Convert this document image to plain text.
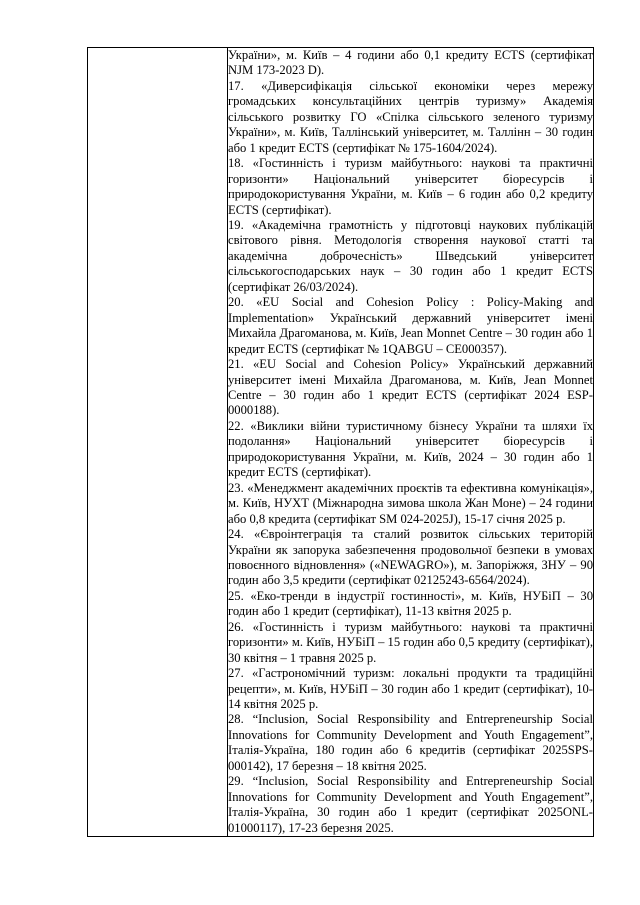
України», м. Київ – 4 години або 0,1 кредиту ECTS (сертифікат NJM 173-2023 D).

17. «Диверсифікація сільської економіки через мережу громадських консультаційних центрів туризму» Академія сільського розвитку ГО «Спілка сільського зеленого туризму України», м. Київ, Таллінський університет, м. Таллінн – 30 годин або 1 кредит ECTS (сертифікат № 175-1604/2024).

18. «Гостинність і туризм майбутнього: наукові та практичні горизонти» Національний університет біоресурсів і природокористування України, м. Київ – 6 годин або 0,2 кредиту ECTS (сертифікат).

19. «Академічна грамотність у підготовці наукових публікацій світового рівня. Методологія створення наукової статті та академічна доброчесність» Шведський університет сільськогосподарських наук – 30 годин або 1 кредит ECTS (сертифікат 26/03/2024).

20. «EU Social and Cohesion Policy : Policy-Making and Implementation» Український державний університет імені Михайла Драгоманова, м. Київ, Jean Monnet Centre – 30 годин або 1 кредит ECTS (сертифікат № 1QABGU – CE000357).

21. «EU Social and Cohesion Policy» Український державний університет імені Михайла Драгоманова, м. Київ, Jean Monnet Centre – 30 годин або 1 кредит ECTS (сертифікат 2024 ESP-0000188).

22. «Виклики війни туристичному бізнесу України та шляхи їх подолання» Національний університет біоресурсів і природокористування України, м. Київ, 2024 – 30 годин або 1 кредит ECTS (сертифікат).

23. «Менеджмент академічних проєктів та ефективна комунікація», м. Київ, НУХТ (Міжнародна зимова школа Жан Моне) – 24 години або 0,8 кредита (сертифікат SM 024-2025J), 15-17 січня 2025 р.

24. «Євроінтеграція та сталий розвиток сільських територій України як запорука забезпечення продовольчої безпеки в умовах повоєнного відновлення» («NEWAGRO»), м. Запоріжжя, ЗНУ – 90 годин або 3,5 кредити (сертифікат 02125243-6564/2024).

25. «Еко-тренди в індустрії гостинності», м. Київ, НУБіП – 30 годин або 1 кредит (сертифікат), 11-13 квітня 2025 р.

26. «Гостинність і туризм майбутнього: наукові та практичні горизонти» м. Київ, НУБіП – 15 годин або 0,5 кредиту (сертифікат), 30 квітня – 1 травня 2025 р.

27. «Гастрономічний туризм: локальні продукти та традиційні рецепти», м. Київ, НУБіП – 30 годин або 1 кредит (сертифікат), 10-14 квітня 2025 р.

28. “Inclusion, Social Responsibility and Entrepreneurship Social Innovations for Community Development and Youth Engagement”, Італія-Україна, 180 годин або 6 кредитів (сертифікат 2025SPS-000142), 17 березня – 18 квітня 2025.

29. “Inclusion, Social Responsibility and Entrepreneurship Social Innovations for Community Development and Youth Engagement”, Італія-Україна, 30 годин або 1 кредит (сертифікат 2025ONL-01000117), 17-23 березня 2025.
